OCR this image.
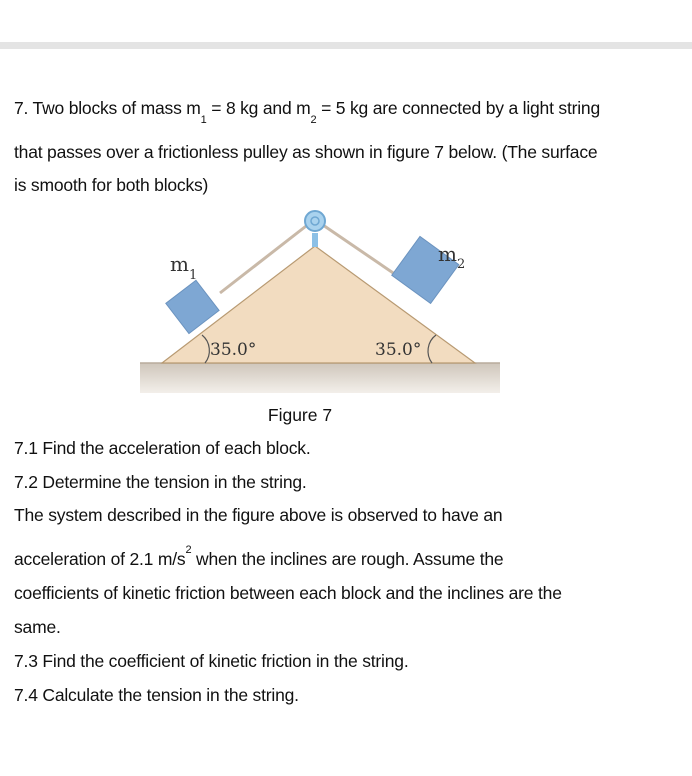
7. Two blocks of mass $m_1 = 8$ kg and $m_2 = 5$ kg are connected by a light string
that passes over a frictionless pulley as shown in figure 7 below. (The surface
is smooth for both blocks)
35.0°	35.0°
$m_1$
$m_2$
Figure 7
7.1 Find the acceleration of each block.
7.2 Determine the tension in the string.
The system described in the figure above is observed to have an
acceleration of 2.1 $m/s^2$ when the inclines are rough. Assume the
coefficients of kinetic friction between each block and the inclines are the
same.
7.3 Find the coefficient of kinetic friction in the string.
7.4 Calculate the tension in the string.
